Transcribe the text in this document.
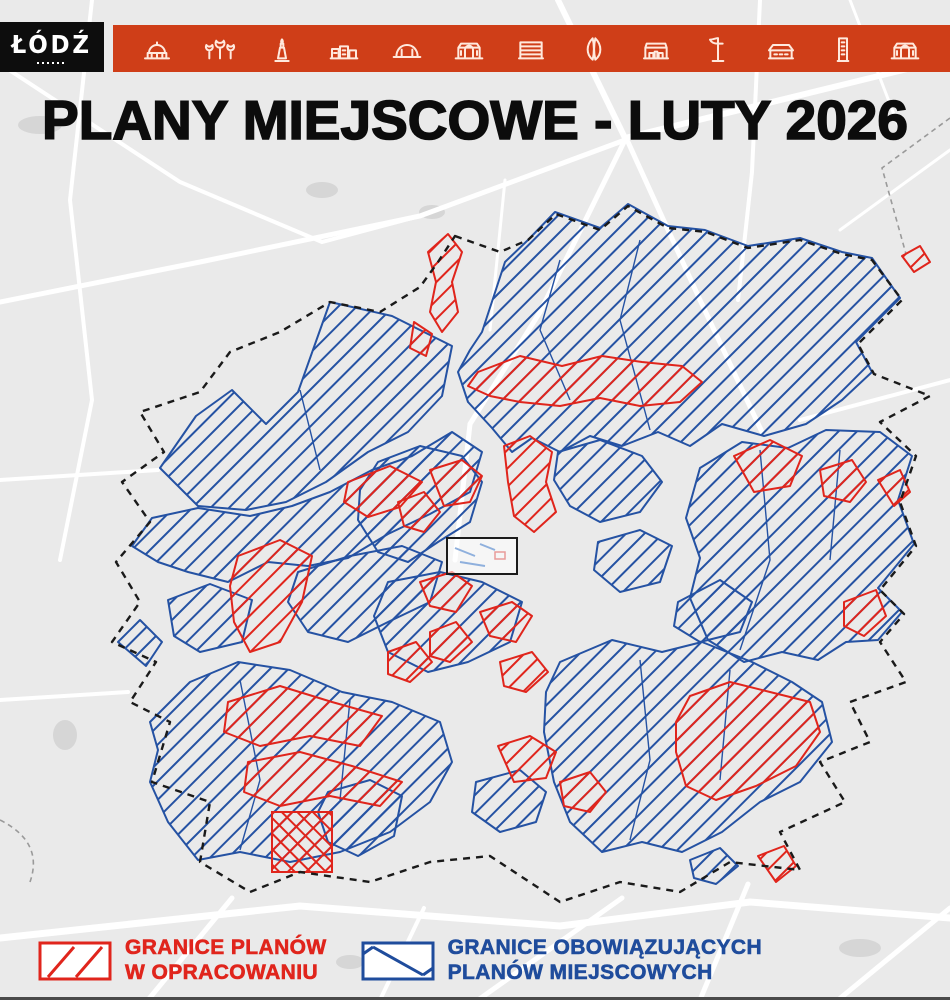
ŁÓDŹ
PLANY MIEJSCOWE - LUTY 2026
GRANICE PLANÓW
W OPRACOWANIU
GRANICE OBOWIĄZUJĄCYCH
PLANÓW MIEJSCOWYCH
